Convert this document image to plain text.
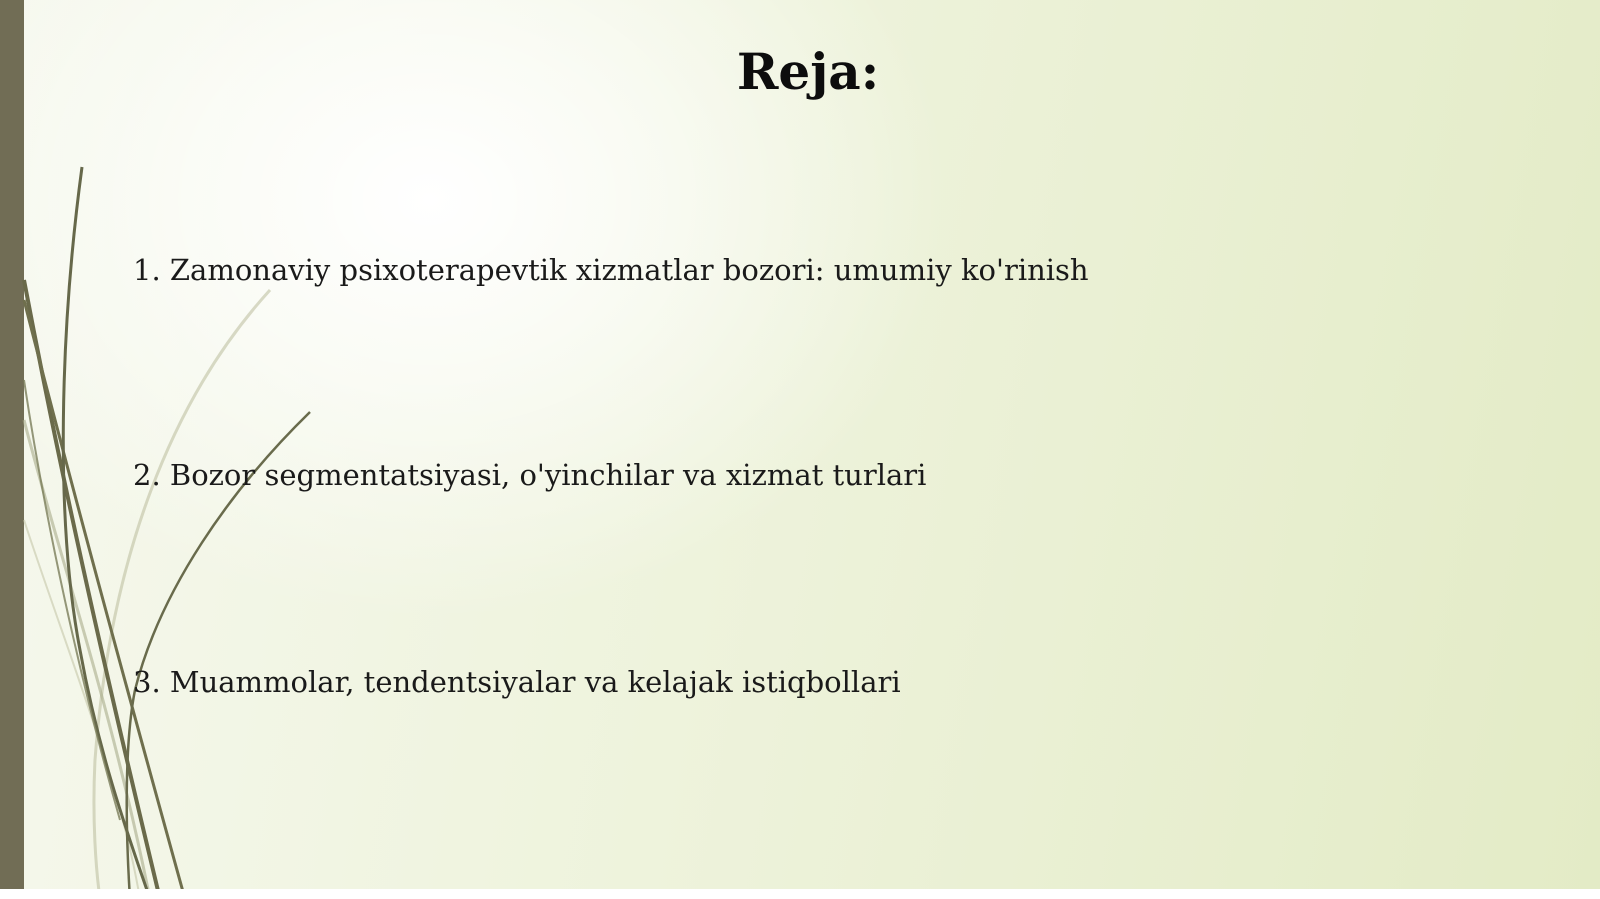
Reja:
1. Zamonaviy psixoterapevtik xizmatlar bozori: umumiy ko'rinish
2. Bozor segmentatsiyasi, o'yinchilar va xizmat turlari
3. Muammolar, tendentsiyalar va kelajak istiqbollari
